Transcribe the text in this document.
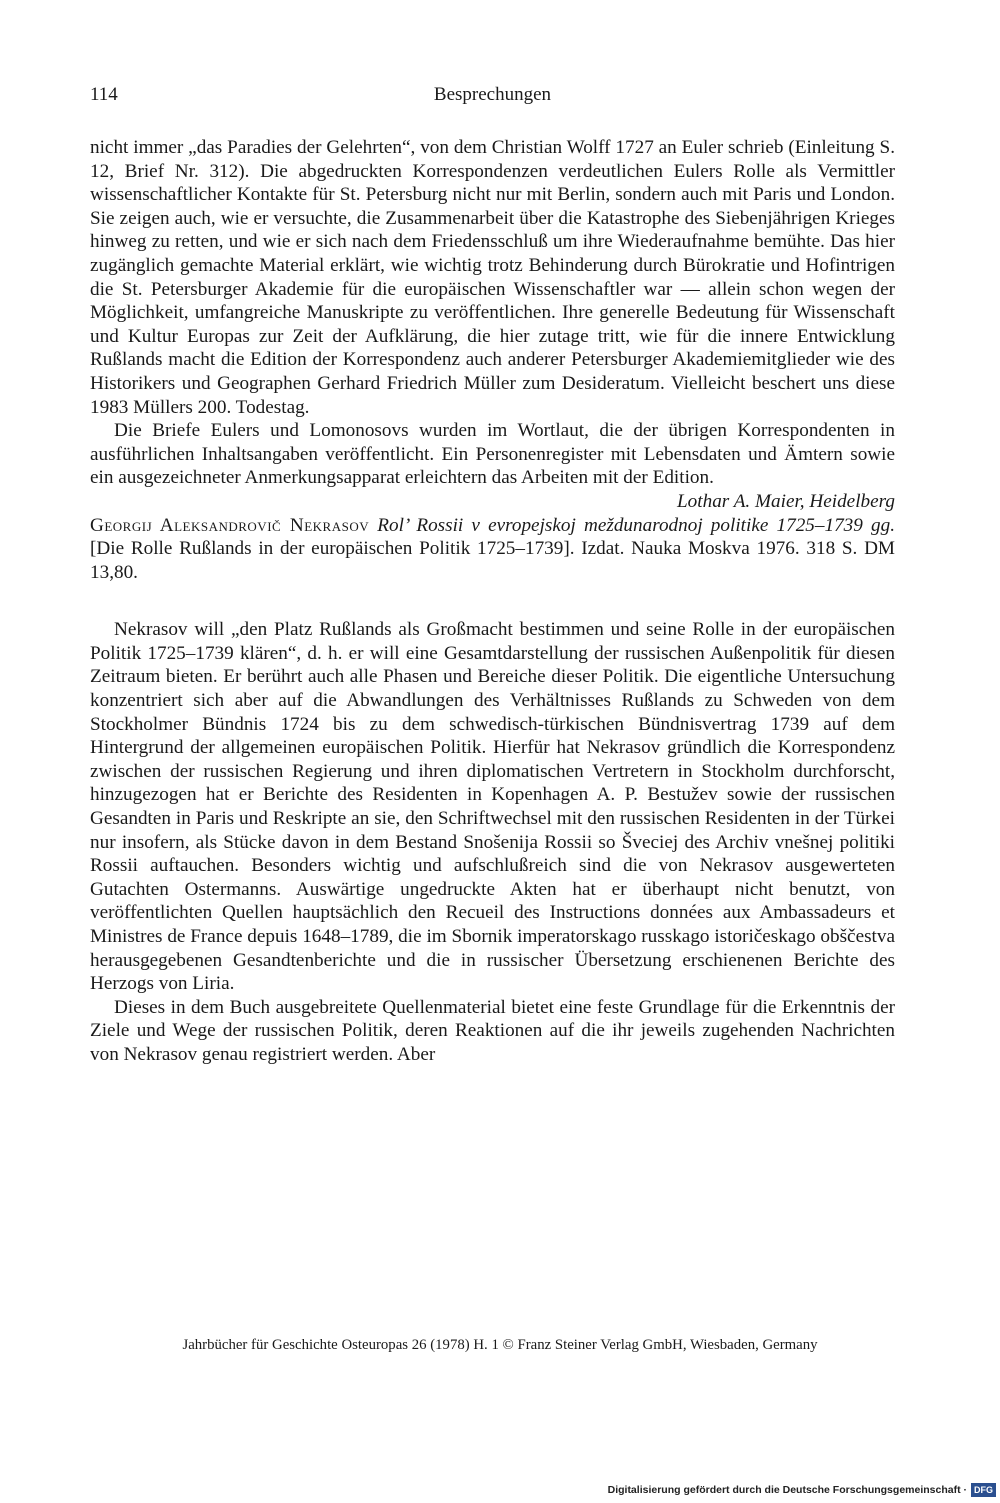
114	Besprechungen

nicht immer „das Paradies der Gelehrten“, von dem Christian Wolff 1727 an Euler schrieb (Einleitung S. 12, Brief Nr. 312). Die abgedruckten Korrespondenzen verdeutlichen Eulers Rolle als Vermittler wissenschaftlicher Kontakte für St. Petersburg nicht nur mit Berlin, sondern auch mit Paris und London. Sie zeigen auch, wie er versuchte, die Zusammenarbeit über die Katastrophe des Siebenjährigen Krieges hinweg zu retten, und wie er sich nach dem Friedensschluß um ihre Wiederaufnahme bemühte. Das hier zugänglich gemachte Material erklärt, wie wichtig trotz Behinderung durch Bürokratie und Hofintrigen die St. Petersburger Akademie für die europäischen Wissenschaftler war — allein schon wegen der Möglichkeit, umfangreiche Manuskripte zu veröffentlichen. Ihre generelle Bedeutung für Wissenschaft und Kultur Europas zur Zeit der Aufklärung, die hier zutage tritt, wie für die innere Entwicklung Rußlands macht die Edition der Korrespondenz auch anderer Petersburger Akademiemitglieder wie des Historikers und Geographen Gerhard Friedrich Müller zum Desideratum. Vielleicht beschert uns diese 1983 Müllers 200. Todestag.

Die Briefe Eulers und Lomonosovs wurden im Wortlaut, die der übrigen Korrespondenten in ausführlichen Inhaltsangaben veröffentlicht. Ein Personenregister mit Lebensdaten und Ämtern sowie ein ausgezeichneter Anmerkungsapparat erleichtern das Arbeiten mit der Edition.

Lothar A. Maier, Heidelberg

Georgij Aleksandrovič Nekrasov Rol’ Rossii v evropejskoj meždunarodnoj politike 1725–1739 gg. [Die Rolle Rußlands in der europäischen Politik 1725–1739]. Izdat. Nauka Moskva 1976. 318 S. DM 13,80.

Nekrasov will „den Platz Rußlands als Großmacht bestimmen und seine Rolle in der europäischen Politik 1725–1739 klären“, d. h. er will eine Gesamtdarstellung der russischen Außenpolitik für diesen Zeitraum bieten. Er berührt auch alle Phasen und Bereiche dieser Politik. Die eigentliche Untersuchung konzentriert sich aber auf die Abwandlungen des Verhältnisses Rußlands zu Schweden von dem Stockholmer Bündnis 1724 bis zu dem schwedisch-türkischen Bündnisvertrag 1739 auf dem Hintergrund der allgemeinen europäischen Politik. Hierfür hat Nekrasov gründlich die Korrespondenz zwischen der russischen Regierung und ihren diplomatischen Vertretern in Stockholm durchforscht, hinzugezogen hat er Berichte des Residenten in Kopenhagen A. P. Bestužev sowie der russischen Gesandten in Paris und Reskripte an sie, den Schriftwechsel mit den russischen Residenten in der Türkei nur insofern, als Stücke davon in dem Bestand Snošenija Rossii so Šveciej des Archiv vnešnej politiki Rossii auftauchen. Besonders wichtig und aufschlußreich sind die von Nekrasov ausgewerteten Gutachten Ostermanns. Auswärtige ungedruckte Akten hat er überhaupt nicht benutzt, von veröffentlichten Quellen hauptsächlich den Recueil des Instructions données aux Ambassadeurs et Ministres de France depuis 1648–1789, die im Sbornik imperatorskago russkago istoričeskago obščestva herausgegebenen Gesandtenberichte und die in russischer Übersetzung erschienenen Berichte des Herzogs von Liria.

Dieses in dem Buch ausgebreitete Quellenmaterial bietet eine feste Grundlage für die Erkenntnis der Ziele und Wege der russischen Politik, deren Reaktionen auf die ihr jeweils zugehenden Nachrichten von Nekrasov genau registriert werden. Aber

Jahrbücher für Geschichte Osteuropas 26 (1978) H. 1 © Franz Steiner Verlag GmbH, Wiesbaden, Germany
Digitalisierung gefördert durch die Deutsche Forschungsgemeinschaft · DFG
